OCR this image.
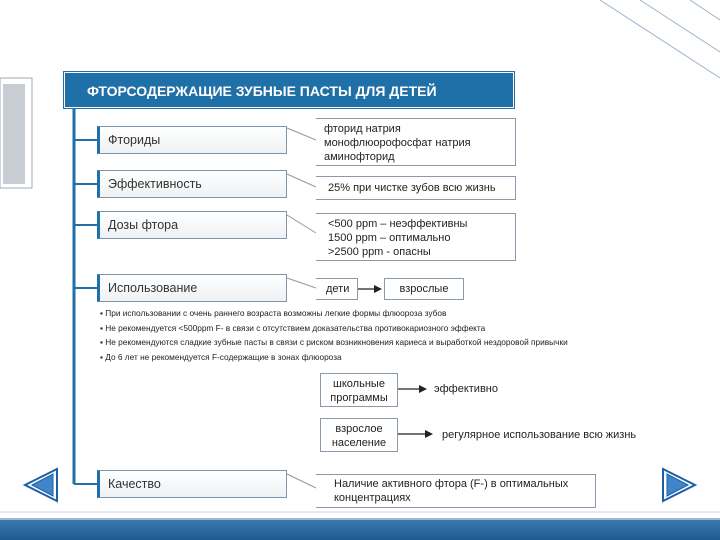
ФТОРСОДЕРЖАЩИЕ ЗУБНЫЕ ПАСТЫ ДЛЯ ДЕТЕЙ
Фториды
Эффективность
Дозы фтора
Использование
фторид натрия
монофлюорофосфат натрия
аминофторид
25% при чистке зубов всю жизнь
<500 ppm – неэффективны
1500 ppm – оптимально
>2500 ppm - опасны
дети	взрослые
▪ При использовании с очень раннего возраста возможны легкие формы флюороза зубов
▪ Не рекомендуется <500ppm F- в связи с отсутствием доказательства противокариозного эффекта
▪ Не рекомендуются сладкие зубные пасты в связи с риском возникновения кариеса и выработкой нездоровой привычки
▪ До 6 лет не рекомендуется F-содержащие в зонах флюороза
школьные программы
эффективно
взрослое население
регулярное использование всю жизнь
Качество	Наличие активного фтора (F-) в оптимальных концентрациях
